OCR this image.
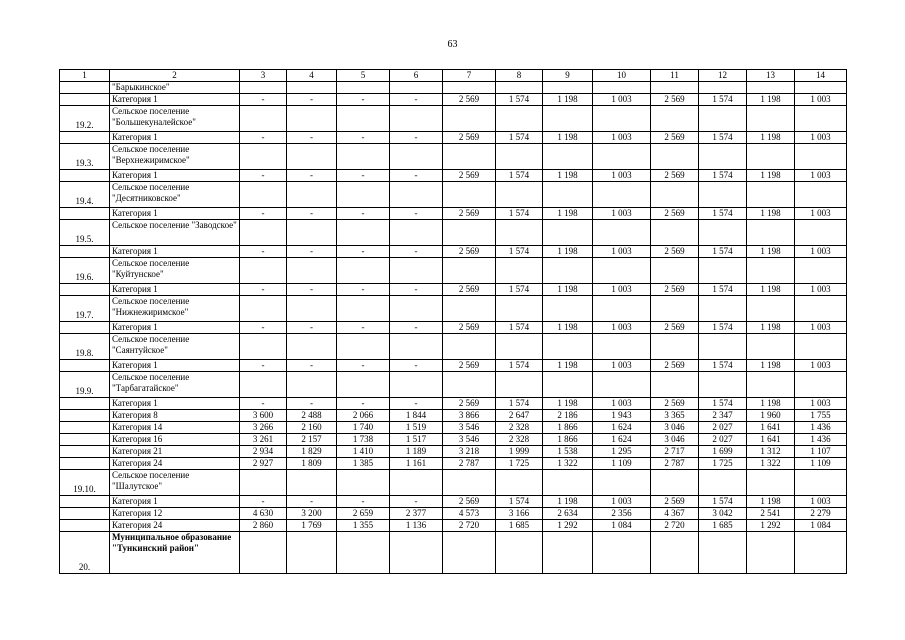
63
1	2	3	4	5	6	7	8	9	10	11	12	13	14
	"Барыкинское"												
	Категория 1	-	-	-	-	2 569	1 574	1 198	1 003	2 569	1 574	1 198	1 003
19.2.	Сельское поселение "Большекуналейское"												
	Категория 1	-	-	-	-	2 569	1 574	1 198	1 003	2 569	1 574	1 198	1 003
19.3.	Сельское поселение "Верхнежиримское"												
	Категория 1	-	-	-	-	2 569	1 574	1 198	1 003	2 569	1 574	1 198	1 003
19.4.	Сельское поселение "Десятниковское"												
	Категория 1	-	-	-	-	2 569	1 574	1 198	1 003	2 569	1 574	1 198	1 003
19.5.	Сельское поселение "Заводское"												
	Категория 1	-	-	-	-	2 569	1 574	1 198	1 003	2 569	1 574	1 198	1 003
19.6.	Сельское поселение "Куйтунское"												
	Категория 1	-	-	-	-	2 569	1 574	1 198	1 003	2 569	1 574	1 198	1 003
19.7.	Сельское поселение "Нижнежиримское"												
	Категория 1	-	-	-	-	2 569	1 574	1 198	1 003	2 569	1 574	1 198	1 003
19.8.	Сельское поселение "Саянтуйское"												
	Категория 1	-	-	-	-	2 569	1 574	1 198	1 003	2 569	1 574	1 198	1 003
19.9.	Сельское поселение "Тарбагатайское"												
	Категория 1	-	-	-	-	2 569	1 574	1 198	1 003	2 569	1 574	1 198	1 003
	Категория 8	3 600	2 488	2 066	1 844	3 866	2 647	2 186	1 943	3 365	2 347	1 960	1 755
	Категория 14	3 266	2 160	1 740	1 519	3 546	2 328	1 866	1 624	3 046	2 027	1 641	1 436
	Категория 16	3 261	2 157	1 738	1 517	3 546	2 328	1 866	1 624	3 046	2 027	1 641	1 436
	Категория 21	2 934	1 829	1 410	1 189	3 218	1 999	1 538	1 295	2 717	1 699	1 312	1 107
	Категория 24	2 927	1 809	1 385	1 161	2 787	1 725	1 322	1 109	2 787	1 725	1 322	1 109
19.10.	Сельское поселение "Шалутское"												
	Категория 1	-	-	-	-	2 569	1 574	1 198	1 003	2 569	1 574	1 198	1 003
	Категория 12	4 630	3 200	2 659	2 377	4 573	3 166	2 634	2 356	4 367	3 042	2 541	2 279
	Категория 24	2 860	1 769	1 355	1 136	2 720	1 685	1 292	1 084	2 720	1 685	1 292	1 084
20.	Муниципальное образование "Тункинский район"												
